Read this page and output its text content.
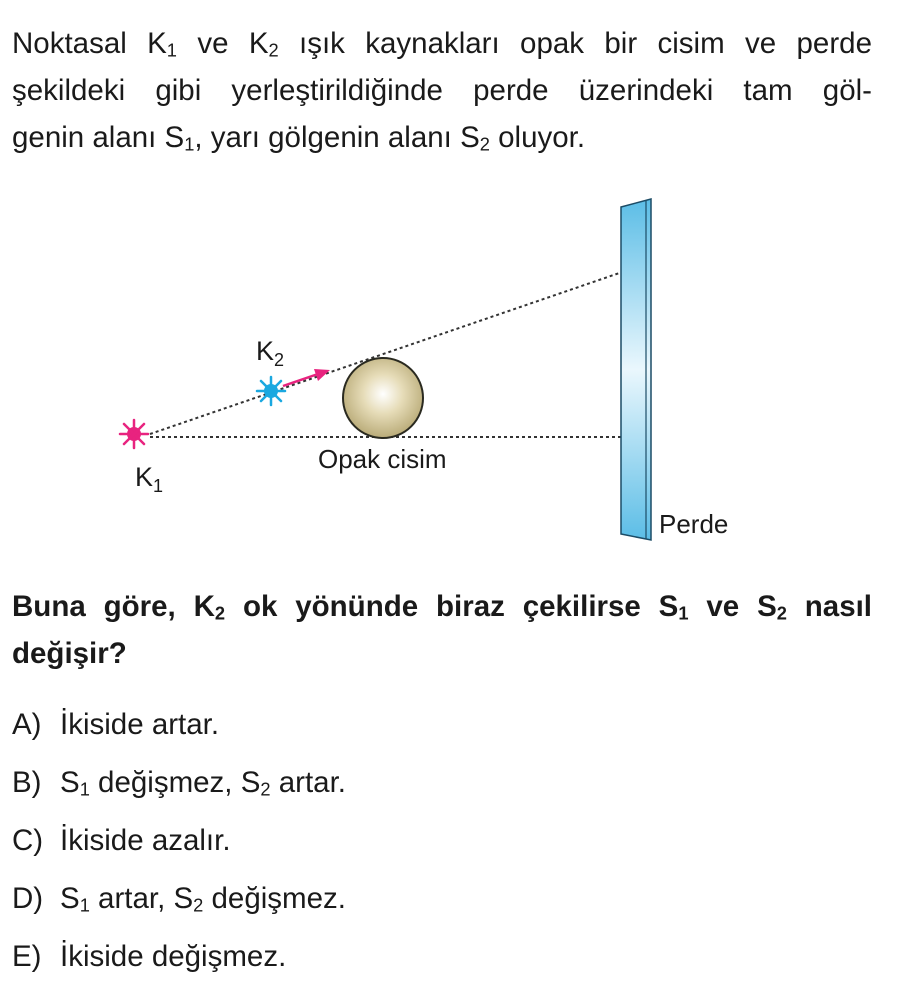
Noktasal $K_1$ ve $K_2$ ışık kaynakları opak bir cisim ve perde
şekildeki gibi yerleştirildiğinde perde üzerindeki tam göl-
genin alanı $S_1$, yarı gölgenin alanı $S_2$ oluyor.
$K_2$
$K_1$
Opak cisim
Perde
Buna göre, $K_2$ ok yönünde biraz çekilirse $S_1$ ve $S_2$ nasıl
değişir?
A) İkiside artar.
B) $S_1$ değişmez, $S_2$ artar.
C) İkiside azalır.
D) $S_1$ artar, $S_2$ değişmez.
E) İkiside değişmez.
